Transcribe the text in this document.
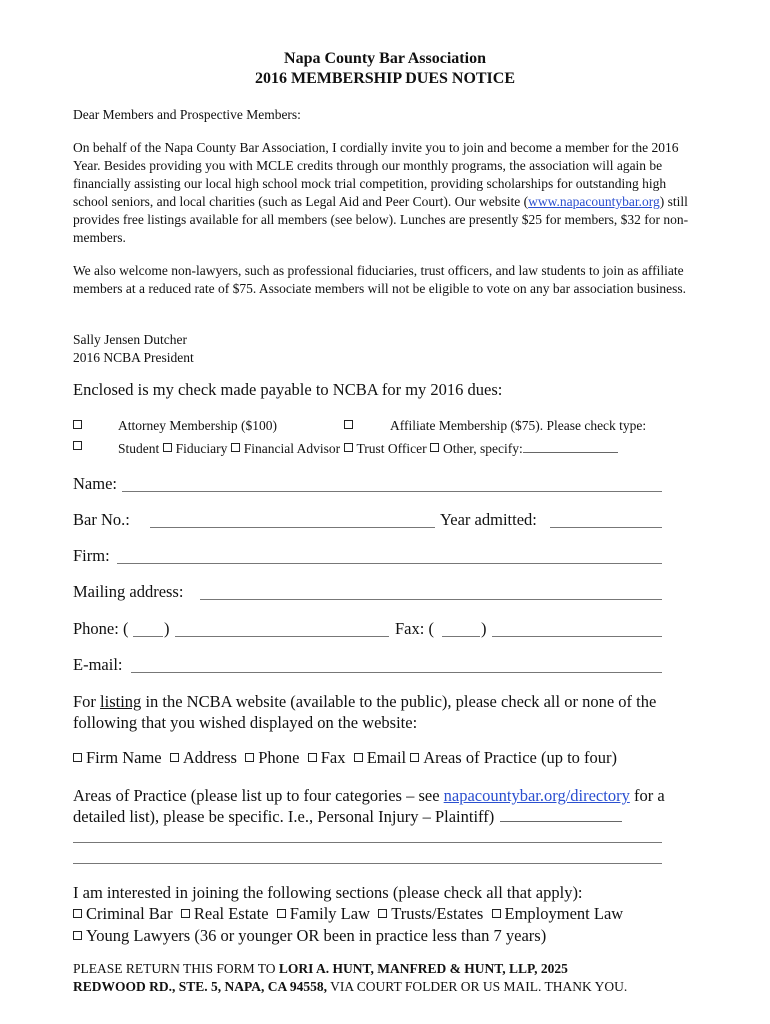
Napa County Bar Association
2016 MEMBERSHIP DUES NOTICE
Dear Members and Prospective Members:
On behalf of the Napa County Bar Association, I cordially invite you to join and become a member for the 2016 Year. Besides providing you with MCLE credits through our monthly programs, the association will again be financially assisting our local high school mock trial competition, providing scholarships for outstanding high school seniors, and local charities (such as Legal Aid and Peer Court). Our website (www.napacountybar.org) still provides free listings available for all members (see below). Lunches are presently $25 for members, $32 for non-members.
We also welcome non-lawyers, such as professional fiduciaries, trust officers, and law students to join as affiliate members at a reduced rate of $75. Associate members will not be eligible to vote on any bar association business.
Sally Jensen Dutcher
2016 NCBA President
Enclosed is my check made payable to NCBA for my 2016 dues:
Attorney Membership ($100)	Affiliate Membership ($75). Please check type:
Student Fiduciary Financial Advisor Trust Officer Other, specify:
Name:
Bar No.:	Year admitted:
Firm:
Mailing address:
Phone: ( )	Fax: (	)
E-mail:
For listing in the NCBA website (available to the public), please check all or none of the following that you wished displayed on the website:
Firm Name Address Phone Fax Email Areas of Practice (up to four)
Areas of Practice (please list up to four categories – see napacountybar.org/directory for a detailed list), please be specific. I.e., Personal Injury – Plaintiff)
I am interested in joining the following sections (please check all that apply):
Criminal Bar Real Estate Family Law Trusts/Estates Employment Law
Young Lawyers (36 or younger OR been in practice less than 7 years)
PLEASE RETURN THIS FORM TO LORI A. HUNT, MANFRED & HUNT, LLP, 2025
REDWOOD RD., STE. 5, NAPA, CA 94558, VIA COURT FOLDER OR US MAIL. THANK YOU.
